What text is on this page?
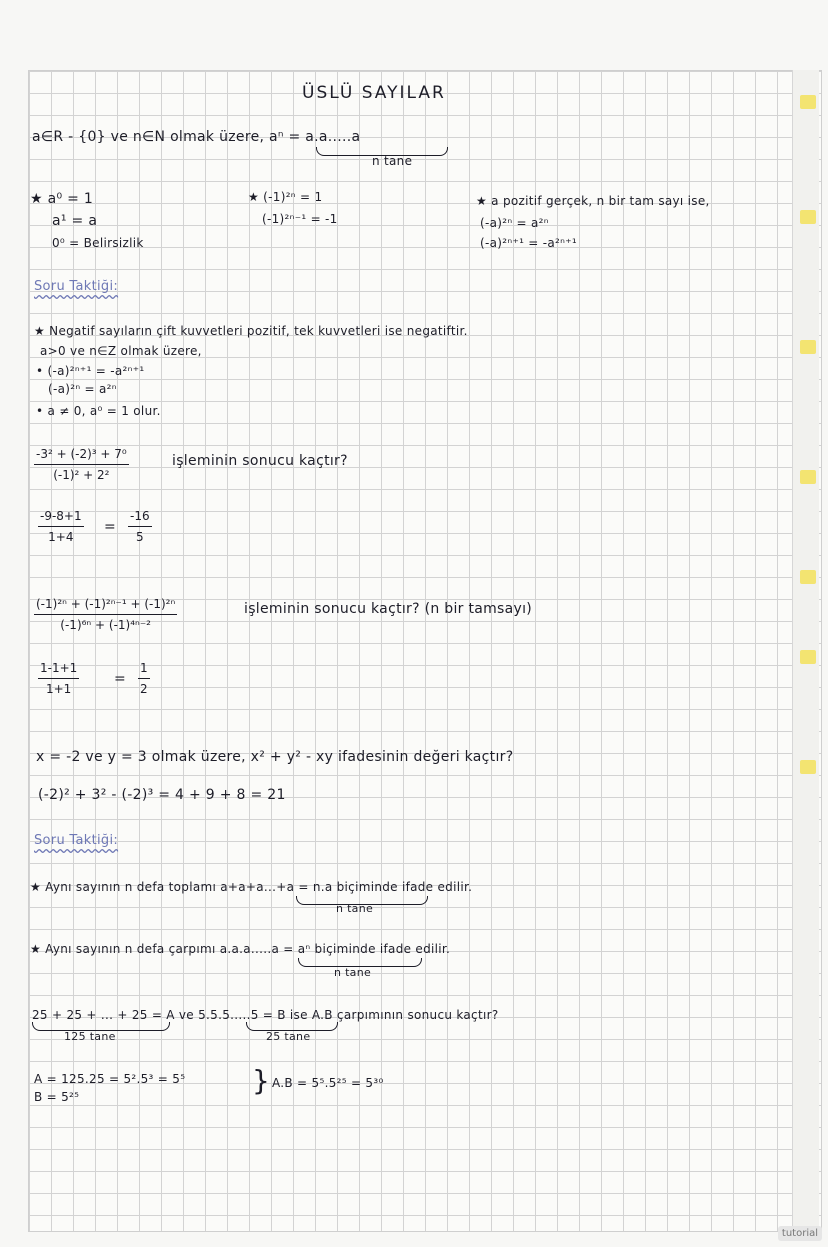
ÜSLÜ SAYILAR
a∈R - {0} ve n∈N olmak üzere, aⁿ = a.a.....a
n tane
★ a⁰ = 1
a¹ = a
0⁰ = Belirsizlik
★ (-1)²ⁿ = 1
(-1)²ⁿ⁻¹ = -1
★ a pozitif gerçek, n bir tam sayı ise,
(-a)²ⁿ = a²ⁿ
(-a)²ⁿ⁺¹ = -a²ⁿ⁺¹
Soru Taktiği:
★ Negatif sayıların çift kuvvetleri pozitif, tek kuvvetleri ise negatiftir.
a>0 ve n∈Z olmak üzere,
• (-a)²ⁿ⁺¹ = -a²ⁿ⁺¹
(-a)²ⁿ = a²ⁿ
• a ≠ 0, a⁰ = 1 olur.
$\frac{\text{-3² + (-2)³ + 7⁰}}{\text{(-1)² + 2²}}$	işleminin sonucu kaçtır?
$\frac{-9-8+1}{1+4} = \frac{-16}{5}$
$\frac{\text{(-1)²ⁿ + (-1)²ⁿ⁻¹ + (-1)²ⁿ}}{\text{(-1)⁶ⁿ + (-1)⁴ⁿ⁻²}}$	işleminin sonucu kaçtır? (n bir tamsayı)
$\frac{1-1+1}{1+1} = \frac{1}{2}$
x = -2 ve y = 3 olmak üzere, x² + y² - xy ifadesinin değeri kaçtır?
(-2)² + 3² - (-2)³ = 4 + 9 + 8 = 21
Soru Taktiği:
★ Aynı sayının n defa toplamı a+a+a...+a = n.a biçiminde ifade edilir.
n tane
★ Aynı sayının n defa çarpımı a.a.a.....a = aⁿ biçiminde ifade edilir.
n tane
25 + 25 + ... + 25 = A ve 5.5.5.....5 = B ise A.B çarpımının sonucu kaçtır?
125 tane	25 tane
A = 125.25 = 5².5³ = 5⁵
B = 5²⁵	} A.B = 5⁵.5²⁵ = 5³⁰
tutorial
